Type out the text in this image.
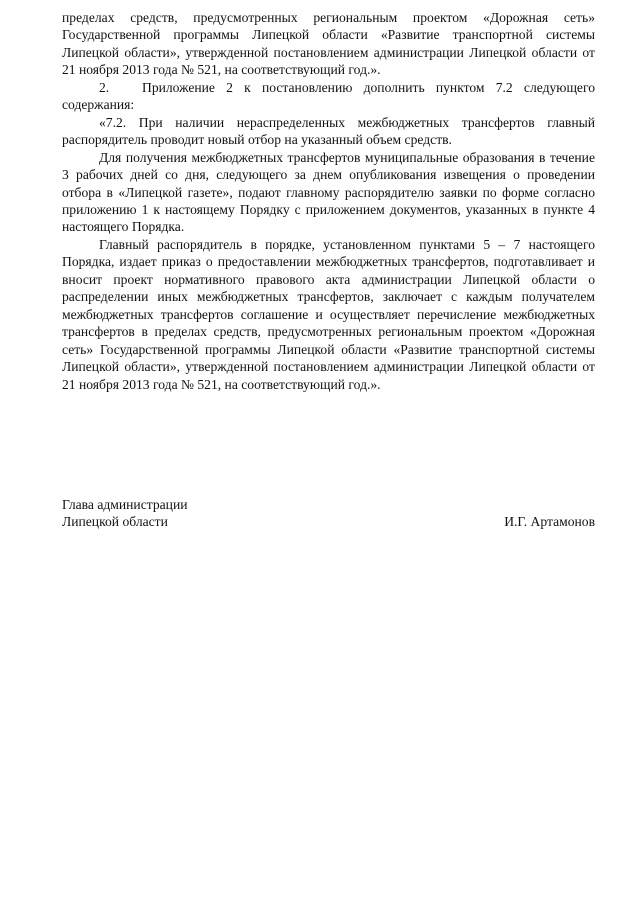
пределах средств, предусмотренных региональным проектом «Дорожная сеть» Государственной программы Липецкой области «Развитие транспортной системы Липецкой области», утвержденной постановлением администрации Липецкой области от 21 ноября 2013 года № 521, на соответствующий год.».

2. Приложение 2 к постановлению дополнить пунктом 7.2 следующего содержания:

«7.2. При наличии нераспределенных межбюджетных трансфертов главный распорядитель проводит новый отбор на указанный объем средств.

Для получения межбюджетных трансфертов муниципальные образования в течение 3 рабочих дней со дня, следующего за днем опубликования извещения о проведении отбора в «Липецкой газете», подают главному распорядителю заявки по форме согласно приложению 1 к настоящему Порядку с приложением документов, указанных в пункте 4 настоящего Порядка.

Главный распорядитель в порядке, установленном пунктами 5 – 7 настоящего Порядка, издает приказ о предоставлении межбюджетных трансфертов, подготавливает и вносит проект нормативного правового акта администрации Липецкой области о распределении иных межбюджетных трансфертов, заключает с каждым получателем межбюджетных трансфертов соглашение и осуществляет перечисление межбюджетных трансфертов в пределах средств, предусмотренных региональным проектом «Дорожная сеть» Государственной программы Липецкой области «Развитие транспортной системы Липецкой области», утвержденной постановлением администрации Липецкой области от 21 ноября 2013 года № 521, на соответствующий год.».

Глава администрации
Липецкой области	И.Г. Артамонов
